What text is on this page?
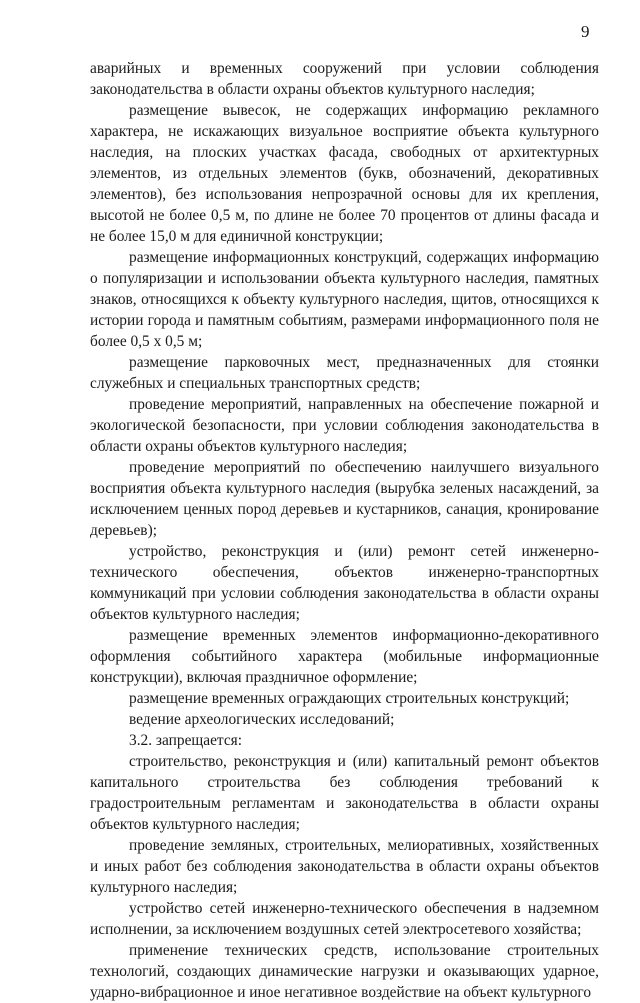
9

аварийных и временных сооружений при условии соблюдения законодательства в области охраны объектов культурного наследия;

размещение вывесок, не содержащих информацию рекламного характера, не искажающих визуальное восприятие объекта культурного наследия, на плоских участках фасада, свободных от архитектурных элементов, из отдельных элементов (букв, обозначений, декоративных элементов), без использования непрозрачной основы для их крепления, высотой не более 0,5 м, по длине не более 70 процентов от длины фасада и не более 15,0 м для единичной конструкции;

размещение информационных конструкций, содержащих информацию о популяризации и использовании объекта культурного наследия, памятных знаков, относящихся к объекту культурного наследия, щитов, относящихся к истории города и памятным событиям, размерами информационного поля не более 0,5 х 0,5 м;

размещение парковочных мест, предназначенных для стоянки служебных и специальных транспортных средств;

проведение мероприятий, направленных на обеспечение пожарной и экологической безопасности, при условии соблюдения законодательства в области охраны объектов культурного наследия;

проведение мероприятий по обеспечению наилучшего визуального восприятия объекта культурного наследия (вырубка зеленых насаждений, за исключением ценных пород деревьев и кустарников, санация, кронирование деревьев);

устройство, реконструкция и (или) ремонт сетей инженерно-технического обеспечения, объектов инженерно-транспортных коммуникаций при условии соблюдения законодательства в области охраны объектов культурного наследия;

размещение временных элементов информационно-декоративного оформления событийного характера (мобильные информационные конструкции), включая праздничное оформление;

размещение временных ограждающих строительных конструкций;

ведение археологических исследований;

3.2. запрещается:

строительство, реконструкция и (или) капитальный ремонт объектов капитального строительства без соблюдения требований к градостроительным регламентам и законодательства в области охраны объектов культурного наследия;

проведение земляных, строительных, мелиоративных, хозяйственных и иных работ без соблюдения законодательства в области охраны объектов культурного наследия;

устройство сетей инженерно-технического обеспечения в надземном исполнении, за исключением воздушных сетей электросетевого хозяйства;

применение технических средств, использование строительных технологий, создающих динамические нагрузки и оказывающих ударное, ударно-вибрационное и иное негативное воздействие на объект культурного
